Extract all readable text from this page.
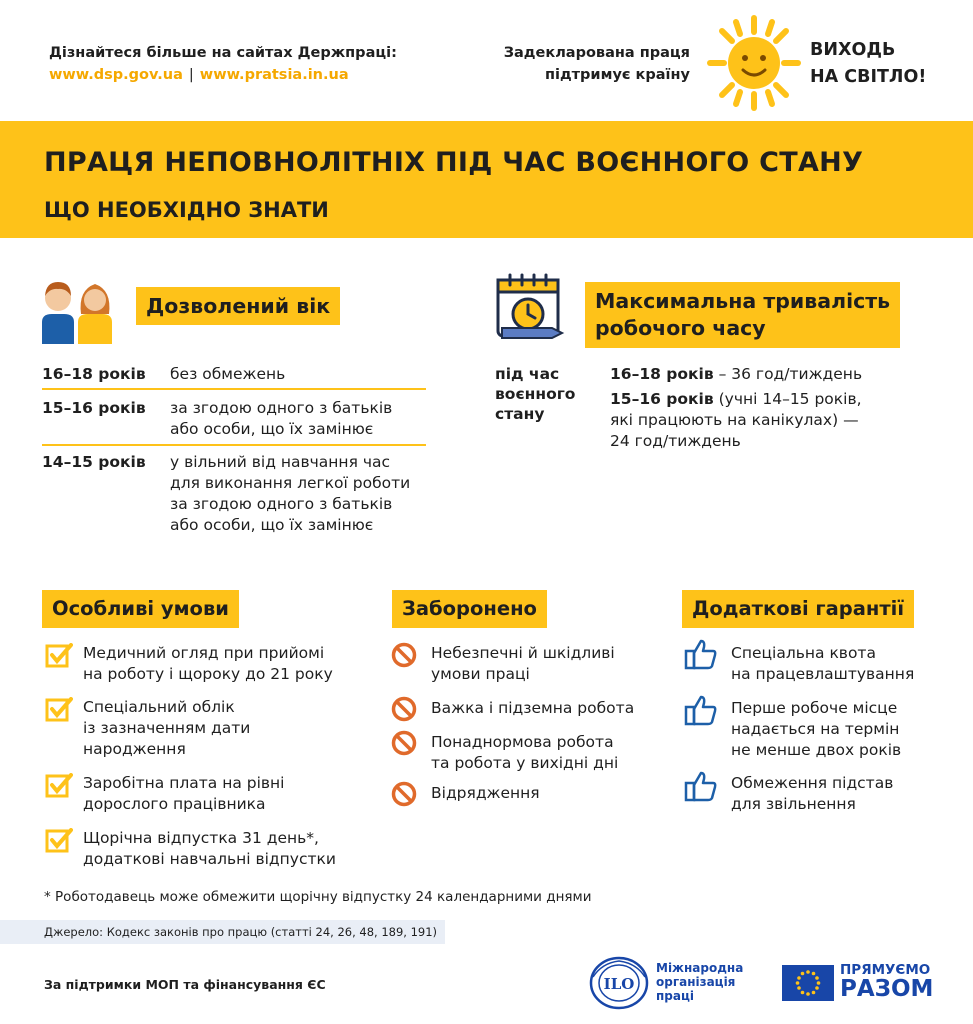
Дізнайтеся більше на сайтах Держпраці:
www.dsp.gov.ua | www.pratsia.in.ua
Задекларована праця
підтримує країну
ВИХОДЬ
НА СВІТЛО!
ПРАЦЯ НЕПОВНОЛІТНІХ ПІД ЧАС ВОЄННОГО СТАНУ
ЩО НЕОБХІДНО ЗНАТИ
Дозволений вік
16–18 років без обмежень
15–16 років за згодою одного з батьків
або особи, що їх замінює
14–15 років у вільний від навчання час
для виконання легкої роботи
за згодою одного з батьків
або особи, що їх замінює
Максимальна тривалість
робочого часу
під час
воєнного
стану
16–18 років – 36 год/тиждень
15–16 років (учні 14–15 років,
які працюють на канікулах) —
24 год/тиждень
Особливі умови	Заборонено	Додаткові гарантії
Медичний огляд при прийомі
на роботу і щороку до 21 року
Спеціальний облік
із зазначенням дати
народження
Заробітна плата на рівні
дорослого працівника
Щорічна відпустка 31 день*,
додаткові навчальні відпустки
Небезпечні й шкідливі
умови праці
Важка і підземна робота
Понаднормова робота
та робота у вихідні дні
Відрядження
Спеціальна квота
на працевлаштування
Перше робоче місце
надається на термін
не менше двох років
Обмеження підстав
для звільнення
* Роботодавець може обмежити щорічну відпустку 24 календарними днями
Джерело: Кодекс законів про працю (статті 24, 26, 48, 189, 191)
За підтримки МОП та фінансування ЄС	ILO
Міжнародна
організація
праці
ПРЯМУЄМО
РАЗОМ
